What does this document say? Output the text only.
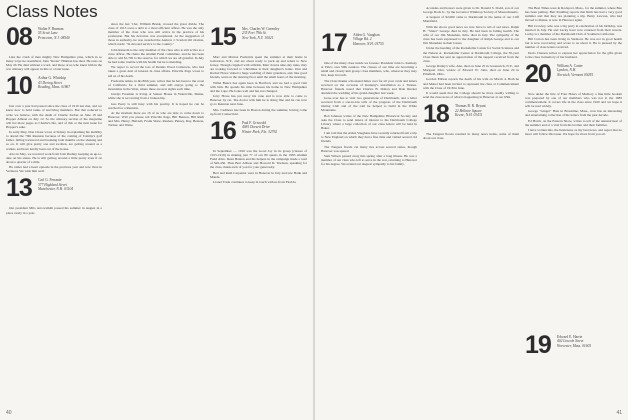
Class Notes
08 Walter F. Burman
55 Scott Lane
Princeton, N.J. 08540

Like the crush of men mighty New Hampshire pine, which in so many ways he resembled, John "Rosie" Hinman has died. He rests on May 20. He died without a word, and those of us who knew him in the war obituary will appear in this or a later issue.

10 Arthur G. Whitship
43 Dering Street
Reading, Mass. 01867

Just over a year had passed since the class of 1910 last met, and we knew how to hold ranks of surviving members. But that reduced to write we believe, with the death of Charlie Jordan on June 18 and Hopper Allison on July 12. So the obituary section of the magazine will list more pages as Charlie's life, and of this or the next issue for Hopper's sake.

In early May, Don Chase wrote at Sidney in explaining his inability to attend the 70th Reunion because of the coming of Tommy's golf father, falling backward and breaking both thumbs on the shaking and so on. It will give pretty one and swollen, are getting around as a walker, and have hardly been out of the house.

Also in May, we received work from Tom Dudley, keeping us up-to-date on his status. He is still getting around a little pretty even if on about a quarter of a mile.

He rather had a heart episode in the previous year and now lives in Vermont. We wish him well.

13 Carl G. Ferrante
377 Highland Street
Manchester, N.H. 03104

Our president Milo Arrowsmith passed his summer in August in a place rarely in a year.

since the last '13er, William Brunk, crossed the great divide. The class of 1913 owes a debt to a most efficient officer. He was the only member of the class who was still active in the practice of his profession. But his devotion was exceptional. At the suggestion of those in authority, he was awarded the Andrew J. Scarlett Oil citation, which reads: "In devoted service to the country."

John Ransom is the only member of the class who is still active as a class officer. He chairs the Alumni Fund committee, and he has been able to add $1,700 to the reserve, for which we are all grateful. In July he had some trouble with his health but he is mending.

We regret to record the loss of Dennis Wood Comstock, who had taken a great deal of interest in class affairs. Priscilla Page wrote to tell us of his death.

Frederick Ames, in his 86th year, writes that he has been to the coast of California for a third summer, and still enjoys going to the mountains in the West, where there are new sights each time.

Gladys Freeman is living at Sunset House in Waterville, Maine, while she is recovering from a broken hip.

Gus Peary is still busy with his poultry. It is hoped he can be reached for a Reunion.

At the moment there are 16 of us who are able to come down to Hanover. Will you please tell Priscilla Page, Bill Benson, Bill Ruth and Mrs. Henry, Hartzell, Frank Shaw, Reuben, Putney, Ray, Benson, Tucker, and Waite.

15 Mrs. Charles W. Greenley
235 Fort 79th St.
New York, N.Y. 10021

Marr and Marion Frederick spent the summer at their home in Galveston, N.Y., and are about ready to pack up and return to New Jersey. Though crippled with arthritis, Marr downs nine-day treks, they are looking forward to Christmas at their daughter's home. Dan and Rachel Howe visited a huge wedding of their grandson, and, like good friends, went on the dancing floor until the small hours of the morning.

Willet Bunce has again been in Hartford, and we had a good visit with him. He spends his time between his home in New Hampshire and the Cape. He looks well and has not changed.

Jerry Howe has put away his cane and is now able to come to Hanover by car. The doctor tells him he is doing fine and he can now go to Reunion next June.

Mrs. Cudmore has been in Boston during the summer, having come up from Connecticut.

16 Paul F. Griswold
4081 Dorsett Drive
Winter Park, Fla. 32792

In September — 1916 was the Good Joy in its group (classes of 1915-1919) in making just 77 of our 80 quests in the 1983 Alumni Fund drive. Dean Hanlon and his helpers in the campaign made a total of $20,456. Thus Bert Allison and Howard D. Trudeau, speaking for the class, thank each of you for your generosity.

Bert and Ruth Carpenter were in Hanover in July and saw Hank and Maude.

Lionel Trask continues to keep in touch with us from Florida.

40
17 Alden G. Vaughan
Village Rd. 2
Hanover, N.H. 03755

One of the many class trends we foresee: President John G. Kemeny at Yale's own 50th reunion. The classes of our time are becoming a small and closely knit group: class members, who, wherever they may live, keep in touch.

The Class thanks a thousand times over for all your cards and letters received on the occasion of Kemeny's installation as a Trustee. Hanover friends noted that Charles B. Dalton and Dale Rucker attended the wedding of his grand-daughter last week.

Gone ever has to visit two generations of Dartmouth, and a letter received from a son-in-law tells of the progress of the Dartmouth Outing Club and of the trail he helped to build in the White Mountains.

Bob Johnson writes of the New Hampshire Historical Society and asks the Class to send letters of interest to the Dartmouth College Library where a large collection of our class letters will be held in Baker.

I am told that the Alden Vaughans have recently returned from a trip to New England on which they had a fine time and visited several old friends.

The Tongass floods cut many ties across several states, though Hanover was spared.

Sam Wilson passed away this spring after a long illness. He was a member of our class who left to serve in the war, returning to Hanover for his degree. We extend our deepest sympathy to his family.

Acolades and honors were given to Dr. Donald S. Dodd, son of our George Dock Jr., by the Governor Winthrop Society of Massachusetts.

A bequest of $2,000 came to Dartmouth in the name of our Cliff Mansfield.

With the above good news we now have to tell of sad news. Ralph H. "Slater" George died in July. He had been in failing health. The wife of our Jim Shanahan, Julia, died in July. The sympathy of the class has been expressed to the daughter of Ralph George and to our Jim Shanahan in their losses.

Under the heading of the Rockefeller Center for Social Sciences and the Nelson A. Rockefeller Center at Dartmouth College, the 50-year Class Dean has sent an appreciation of the support received from the class.

George Dailey's wife, Ann, died on June 25 in Greenwich, N.Y., and Margaret John, widow of Edward W. John, died on June 20 in Pittsfield, Ohio.

Gordon Ellison reports the death of his wife on March 4. Both he and Mabel had been invited to represent the class at Commencement with the Class of 1918 in June.

It would seem that the College should be more readily willing to send the class news of what is happening in Hanover at our 65th.

18 Thomas B. R. Bryant
22 Bellaire Square
Keene, N.H. 03431

The Tangent floods resulted in many news items, some of them about our class.

The Best Times were in Rockport, Mass., for the summer, where Ben has been putting. Bert Paulding reports that Ruth has had a very good summer and that they are planning a trip. Betsy Lawson, who had moved to Maine, is now in Hanover again.

Bill Crowley, who was a big party in celebration of his birthday, was married in July. He and Lucky have now returned from their travels. Lucky is a member of the Dartmouth Club of Southern California.

Bill Cotton has been living in Vermont. He was not in good health but is now recovering and wrote to us about it. He is pleased by the number of class letters received.

Doris Clausen writes to express her appreciation for the gifts given to the class in memory of her husband.

20 William A. Carter
Lyndon, N.H.
Norwich, Vermont 05055

Now under the title of Four Hours of Memory a fine little booklet was prepared by one of our members who was not at the 1983 commencement. It covers life in the class since 1920 and we hope it will be read widely.

George "Ginger" Hale in Brookline, Mass., now has an interesting and entertaining collection of his letters from the past decade.

Ed Hatch, on the Eastern Shore, writes to tell of the unusual heat of the summer and of a visit from his brother and their families.

I have written this, the lieutenant, as my best news, and regret that no more will follow this issue. We hope for more from you all.

19 Edward E. Harrie
402 Lincoln Street
Worcester, Mass. 01605
41
